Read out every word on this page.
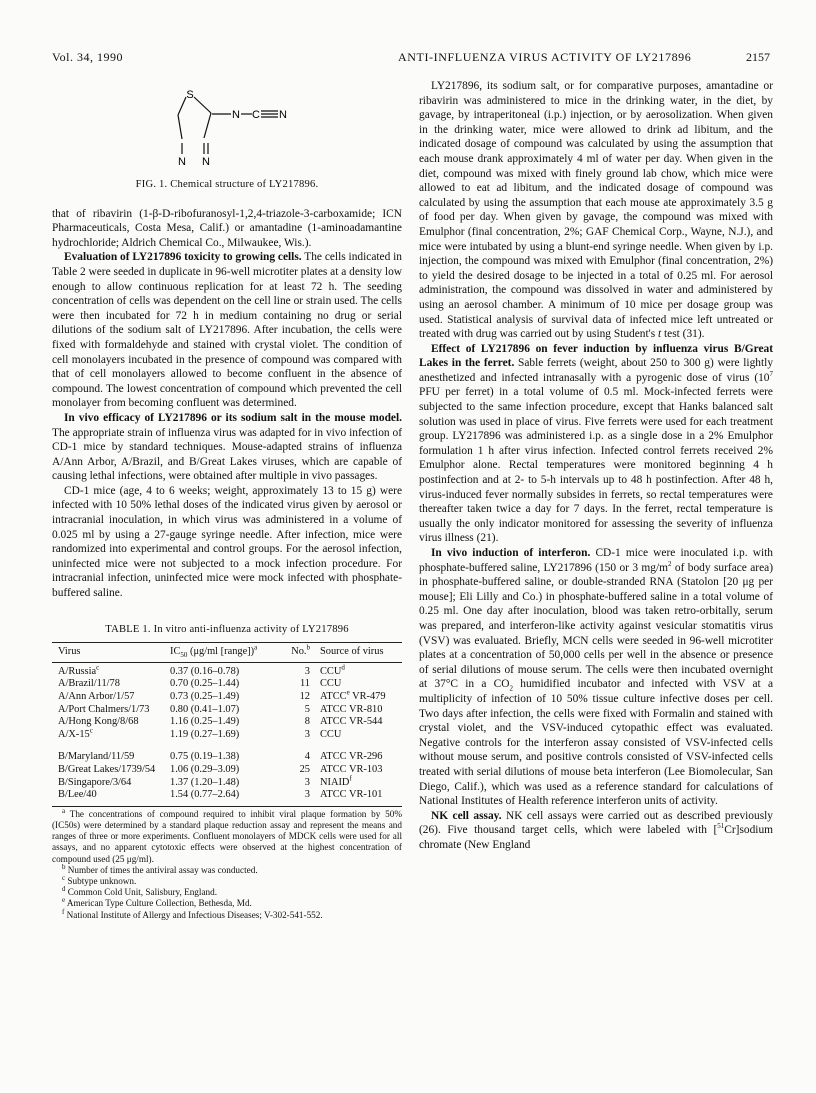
Vol. 34, 1990	ANTI-INFLUENZA VIRUS ACTIVITY OF LY217896	2157
S
N C N
N N
FIG. 1. Chemical structure of LY217896.

that of ribavirin (1-β-D-ribofuranosyl-1,2,4-triazole-3-carboxamide; ICN Pharmaceuticals, Costa Mesa, Calif.) or amantadine (1-aminoadamantine hydrochloride; Aldrich Chemical Co., Milwaukee, Wis.).

Evaluation of LY217896 toxicity to growing cells. The cells indicated in Table 2 were seeded in duplicate in 96-well microtiter plates at a density low enough to allow continuous replication for at least 72 h. The seeding concentration of cells was dependent on the cell line or strain used. The cells were then incubated for 72 h in medium containing no drug or serial dilutions of the sodium salt of LY217896. After incubation, the cells were fixed with formaldehyde and stained with crystal violet. The condition of cell monolayers incubated in the presence of compound was compared with that of cell monolayers allowed to become confluent in the absence of compound. The lowest concentration of compound which prevented the cell monolayer from becoming confluent was determined.

In vivo efficacy of LY217896 or its sodium salt in the mouse model. The appropriate strain of influenza virus was adapted for in vivo infection of CD-1 mice by standard techniques. Mouse-adapted strains of influenza A/Ann Arbor, A/Brazil, and B/Great Lakes viruses, which are capable of causing lethal infections, were obtained after multiple in vivo passages.

CD-1 mice (age, 4 to 6 weeks; weight, approximately 13 to 15 g) were infected with 10 50% lethal doses of the indicated virus given by aerosol or intracranial inoculation, in which virus was administered in a volume of 0.025 ml by using a 27-gauge syringe needle. After infection, mice were randomized into experimental and control groups. For the aerosol infection, uninfected mice were not subjected to a mock infection procedure. For intracranial infection, uninfected mice were mock infected with phosphate-buffered saline.

TABLE 1. In vitro anti-influenza activity of LY217896
Virus	$IC_{50}$ (μg/ml [range])$^a$	No.$^b$	Source of virus
A/Russia$^c$	0.37 (0.16–0.78)	3	CCU$^d$
A/Brazil/11/78	0.70 (0.25–1.44)	11	CCU
A/Ann Arbor/1/57	0.73 (0.25–1.49)	12	ATCC$^e$ VR-479
A/Port Chalmers/1/73	0.80 (0.41–1.07)	5	ATCC VR-810
A/Hong Kong/8/68	1.16 (0.25–1.49)	8	ATCC VR-544
A/X-15$^c$	1.19 (0.27–1.69)	3	CCU
B/Maryland/11/59	0.75 (0.19–1.38)	4	ATCC VR-296
B/Great Lakes/1739/54	1.06 (0.29–3.09)	25	ATCC VR-103
B/Singapore/3/64	1.37 (1.20–1.48)	3	NIAID$^f$
B/Lee/40	1.54 (0.77–2.64)	3	ATCC VR-101
$^a$ The concentrations of compound required to inhibit viral plaque formation by 50% (IC50s) were determined by a standard plaque reduction assay and represent the means and ranges of three or more experiments. Confluent monolayers of MDCK cells were used for all assays, and no apparent cytotoxic effects were observed at the highest concentration of compound used (25 μg/ml).
$^b$ Number of times the antiviral assay was conducted.
$^c$ Subtype unknown.
$^d$ Common Cold Unit, Salisbury, England.
$^e$ American Type Culture Collection, Bethesda, Md.
$^f$ National Institute of Allergy and Infectious Diseases; V-302-541-552.

LY217896, its sodium salt, or for comparative purposes, amantadine or ribavirin was administered to mice in the drinking water, in the diet, by gavage, by intraperitoneal (i.p.) injection, or by aerosolization. When given in the drinking water, mice were allowed to drink ad libitum, and the indicated dosage of compound was calculated by using the assumption that each mouse drank approximately 4 ml of water per day. When given in the diet, compound was mixed with finely ground lab chow, which mice were allowed to eat ad libitum, and the indicated dosage of compound was calculated by using the assumption that each mouse ate approximately 3.5 g of food per day. When given by gavage, the compound was mixed with Emulphor (final concentration, 2%; GAF Chemical Corp., Wayne, N.J.), and mice were intubated by using a blunt-end syringe needle. When given by i.p. injection, the compound was mixed with Emulphor (final concentration, 2%) to yield the desired dosage to be injected in a total of 0.25 ml. For aerosol administration, the compound was dissolved in water and administered by using an aerosol chamber. A minimum of 10 mice per dosage group was used. Statistical analysis of survival data of infected mice left untreated or treated with drug was carried out by using Student's t test (31).

Effect of LY217896 on fever induction by influenza virus B/Great Lakes in the ferret. Sable ferrets (weight, about 250 to 300 g) were lightly anesthetized and infected intranasally with a pyrogenic dose of virus ($10^7$ PFU per ferret) in a total volume of 0.5 ml. Mock-infected ferrets were subjected to the same infection procedure, except that Hanks balanced salt solution was used in place of virus. Five ferrets were used for each treatment group. LY217896 was administered i.p. as a single dose in a 2% Emulphor formulation 1 h after virus infection. Infected control ferrets received 2% Emulphor alone. Rectal temperatures were monitored beginning 4 h postinfection and at 2- to 5-h intervals up to 48 h postinfection. After 48 h, virus-induced fever normally subsides in ferrets, so rectal temperatures were thereafter taken twice a day for 7 days. In the ferret, rectal temperature is usually the only indicator monitored for assessing the severity of influenza virus illness (21).

In vivo induction of interferon. CD-1 mice were inoculated i.p. with phosphate-buffered saline, LY217896 (150 or 3 $mg/m^2$ of body surface area) in phosphate-buffered saline, or double-stranded RNA (Statolon [20 μg per mouse]; Eli Lilly and Co.) in phosphate-buffered saline in a total volume of 0.25 ml. One day after inoculation, blood was taken retro-orbitally, serum was prepared, and interferon-like activity against vesicular stomatitis virus (VSV) was evaluated. Briefly, MCN cells were seeded in 96-well microtiter plates at a concentration of 50,000 cells per well in the absence or presence of serial dilutions of mouse serum. The cells were then incubated overnight at 37°C in a $CO_2$ humidified incubator and infected with VSV at a multiplicity of infection of 10 50% tissue culture infective doses per cell. Two days after infection, the cells were fixed with Formalin and stained with crystal violet, and the VSV-induced cytopathic effect was evaluated. Negative controls for the interferon assay consisted of VSV-infected cells without mouse serum, and positive controls consisted of VSV-infected cells treated with serial dilutions of mouse beta interferon (Lee Biomolecular, San Diego, Calif.), which was used as a reference standard for calculations of National Institutes of Health reference interferon units of activity.

NK cell assay. NK cell assays were carried out as described previously (26). Five thousand target cells, which were labeled with [$^{51}$Cr]sodium chromate (New England
